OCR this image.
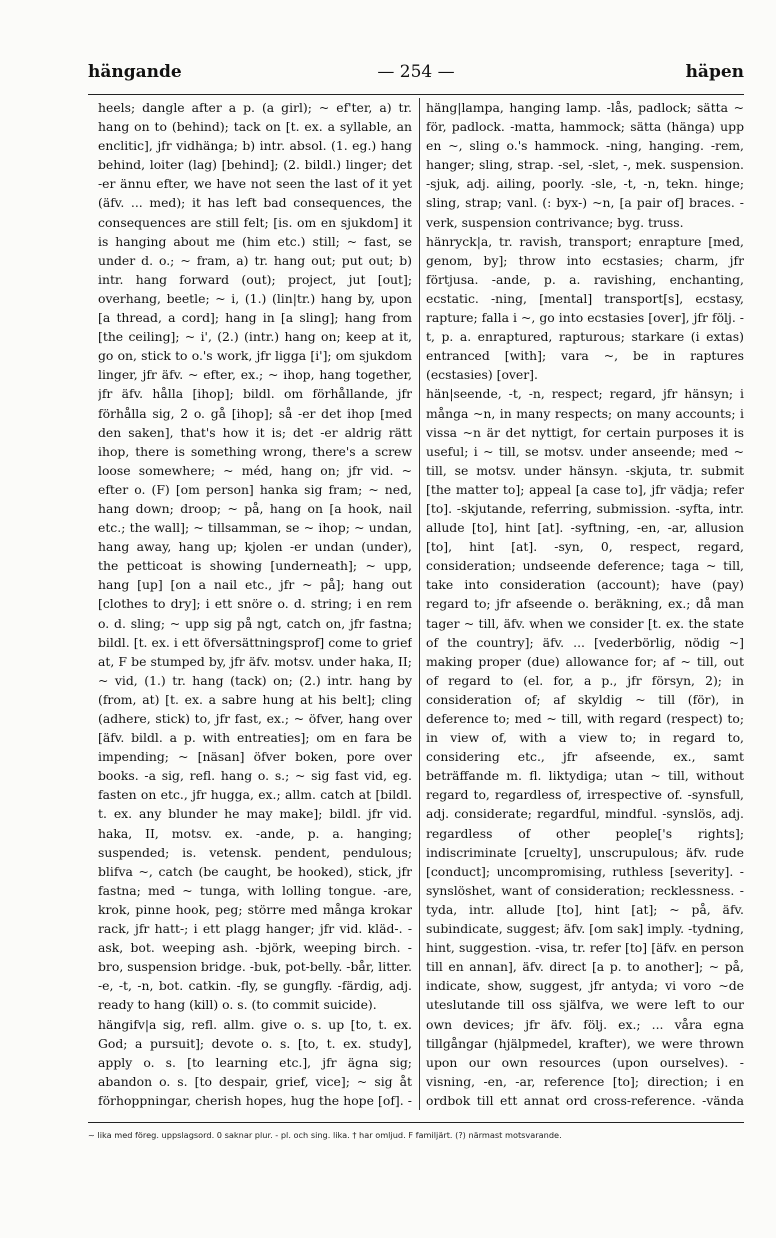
hängande	— 254 —	häpen

heels; dangle after a p. (a girl); ~ ef'ter, a) tr. hang on to (behind); tack on [t. ex. a syllable, an enclitic], jfr vidhänga; b) intr. absol. (1. eg.) hang behind, loiter (lag) [behind]; (2. bildl.) linger; det -er ännu efter, we have not seen the last of it yet (äfv. ... med); it has left bad consequences, the consequences are still felt; [is. om en sjukdom] it is hanging about me (him etc.) still; ~ fast, se under d. o.; ~ fram, a) tr. hang out; put out; b) intr. hang forward (out); project, jut [out]; overhang, beetle; ~ i, (1.) (lin|tr.) hang by, upon [a thread, a cord]; hang in [a sling]; hang from [the ceiling]; ~ i', (2.) (intr.) hang on; keep at it, go on, stick to o.'s work, jfr ligga [i']; om sjukdom linger, jfr äfv. ~ efter, ex.; ~ ihop, hang together, jfr äfv. hålla [ihop]; bildl. om förhållande, jfr förhålla sig, 2 o. gå [ihop]; så -er det ihop [med den saken], that's how it is; det -er aldrig rätt ihop, there is something wrong, there's a screw loose somewhere; ~ méd, hang on; jfr vid. ~ efter o. (F) [om person] hanka sig fram; ~ ned, hang down; droop; ~ på, hang on [a hook, nail etc.; the wall]; ~ tillsamman, se ~ ihop; ~ undan, hang away, hang up; kjolen -er undan (under), the petticoat is showing [underneath]; ~ upp, hang [up] [on a nail etc., jfr ~ på]; hang out [clothes to dry]; i ett snöre o. d. string; i en rem o. d. sling; ~ upp sig på ngt, catch on, jfr fastna; bildl. [t. ex. i ett öfversättningsprof] come to grief at, F be stumped by, jfr äfv. motsv. under haka, II; ~ vid, (1.) tr. hang (tack) on; (2.) intr. hang by (from, at) [t. ex. a sabre hung at his belt]; cling (adhere, stick) to, jfr fast, ex.; ~ öfver, hang over [äfv. bildl. a p. with entreaties]; om en fara be impending; ~ [näsan] öfver boken, pore over books. -a sig, refl. hang o. s.; ~ sig fast vid, eg. fasten on etc., jfr hugga, ex.; allm. catch at [bildl. t. ex. any blunder he may make]; bildl. jfr vid. haka, II, motsv. ex. -ande, p. a. hanging; suspended; is. vetensk. pendent, pendulous; blifva ~, catch (be caught, be hooked), stick, jfr fastna; med ~ tunga, with lolling tongue. -are, krok, pinne hook, peg; större med många krokar rack, jfr hatt-; i ett plagg hanger; jfr vid. kläd-. -ask, bot. weeping ash. -björk, weeping birch. -bro, suspension bridge. -buk, pot-belly. -bår, litter. -e, -t, -n, bot. catkin. -fly, se gungfly. -färdig, adj. ready to hang (kill) o. s. (to commit suicide).

hängifv|a sig, refl. allm. give o. s. up [to, t. ex. God; a pursuit]; devote o. s. [to, t. ex. study], apply o. s. [to learning etc.], jfr ägna sig; abandon o. s. [to despair, grief, vice]; ~ sig åt förhoppningar, cherish hopes, hug the hope [of]. -

häng|lampa, hanging lamp. -lås, padlock; sätta ~ för, padlock. -matta, hammock; sätta (hänga) upp en ~, sling o.'s hammock. -ning, hanging. -rem, hanger; sling, strap. -sel, -slet, -, mek. suspension. -sjuk, adj. ailing, poorly. -sle, -t, -n, tekn. hinge; sling, strap; vanl. (: byx-) ~n, [a pair of] braces. -verk, suspension contrivance; byg. truss.

hänryck|a, tr. ravish, transport; enrapture [med, genom, by]; throw into ecstasies; charm, jfr förtjusa. -ande, p. a. ravishing, enchanting, ecstatic. -ning, [mental] transport[s], ecstasy, rapture; falla i ~, go into ecstasies [over], jfr följ. -t, p. a. enraptured, rapturous; starkare (i extas) entranced [with]; vara ~, be in raptures (ecstasies) [over].

hän|seende, -t, -n, respect; regard, jfr hänsyn; i många ~n, in many respects; on many accounts; i vissa ~n är det nyttigt, for certain purposes it is useful; i ~ till, se motsv. under anseende; med ~ till, se motsv. under hänsyn. -skjuta, tr. submit [the matter to]; appeal [a case to], jfr vädja; refer [to]. -skjutande, referring, submission. -syfta, intr. allude [to], hint [at]. -syftning, -en, -ar, allusion [to], hint [at]. -syn, 0, respect, regard, consideration; undseende deference; taga ~ till, take into consideration (account); have (pay) regard to; jfr afseende o. beräkning, ex.; då man tager ~ till, äfv. when we consider [t. ex. the state of the country]; äfv. ... [vederbörlig, nödig ~] making proper (due) allowance for; af ~ till, out of regard to (el. for, a p., jfr försyn, 2); in consideration of; af skyldig ~ till (för), in deference to; med ~ till, with regard (respect) to; in view of, with a view to; in regard to, considering etc., jfr afseende, ex., samt beträffande m. fl. liktydiga; utan ~ till, without regard to, regardless of, irrespective of. -synsfull, adj. considerate; regardful, mindful. -synslös, adj. regardless of other people['s rights]; indiscriminate [cruelty], unscrupulous; äfv. rude [conduct]; uncompromising, ruthless [severity]. -synslöshet, want of consideration; recklessness. -tyda, intr. allude [to], hint [at]; ~ på, äfv. subindicate, suggest; äfv. [om sak] imply. -tydning, hint, suggestion. -visa, tr. refer [to] [äfv. en person till en annan], äfv. direct [a p. to another]; ~ på, indicate, show, suggest, jfr antyda; vi voro ~de uteslutande till oss själfva, we were left to our own devices; jfr äfv. följ. ex.; ... våra egna tillgångar (hjälpmedel, krafter), we were thrown upon our own resources (upon ourselves). -visning, -en, -ar, reference [to]; direction; i en ordbok till ett annat ord cross-reference. -vända

~ lika med föreg. uppslagsord. 0 saknar plur. - pl. och sing. lika. † har omljud. F familjärt. (?) närmast motsvarande.
